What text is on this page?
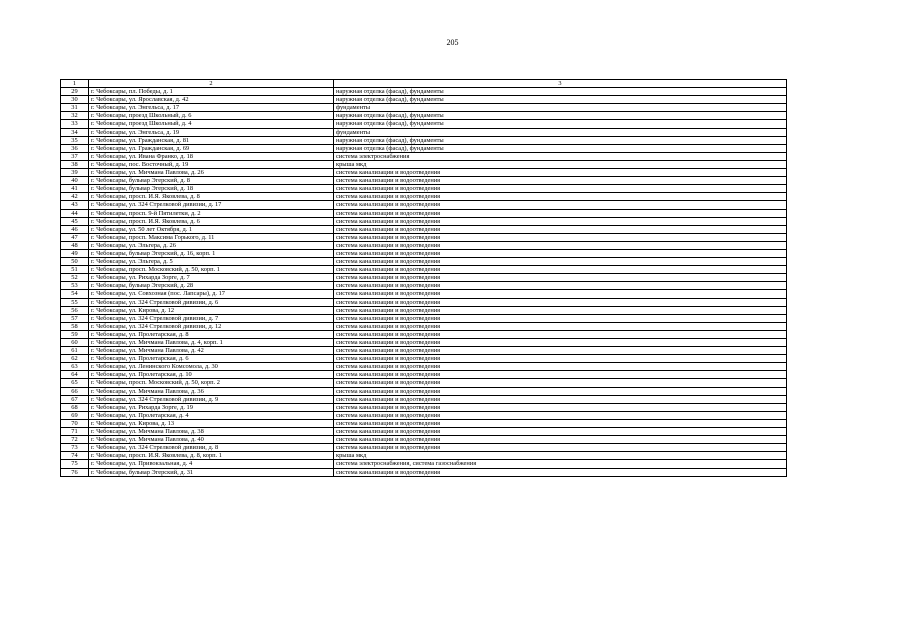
205
1	2	3
29	г. Чебоксары, пл. Победы, д. 1	наружная отделка (фасад), фундаменты
30	г. Чебоксары, ул. Ярославская, д. 42	наружная отделка (фасад), фундаменты
31	г. Чебоксары, ул. Энгельса, д. 17	фундаменты
32	г. Чебоксары, проезд Школьный, д. 6	наружная отделка (фасад), фундаменты
33	г. Чебоксары, проезд Школьный, д. 4	наружная отделка (фасад), фундаменты
34	г. Чебоксары, ул. Энгельса, д. 19	фундаменты
35	г. Чебоксары, ул. Гражданская, д. 81	наружная отделка (фасад), фундаменты
36	г. Чебоксары, ул. Гражданская, д. 69	наружная отделка (фасад), фундаменты
37	г. Чебоксары, ул. Ивана Франко, д. 18	система электроснабжения
38	г. Чебоксары, пос. Восточный, д. 19	крыша мкд
39	г. Чебоксары, ул. Мичмана Павлова, д. 26	система канализации и водоотведения
40	г. Чебоксары, бульвар Эгерский, д. 8	система канализации и водоотведения
41	г. Чебоксары, бульвар Эгерский, д. 18	система канализации и водоотведения
42	г. Чебоксары, просп. И.Я. Яковлева, д. 8	система канализации и водоотведения
43	г. Чебоксары, ул. 324 Стрелковой дивизии, д. 17	система канализации и водоотведения
44	г. Чебоксары, просп. 9-й Пятилетки, д. 2	система канализации и водоотведения
45	г. Чебоксары, просп. И.Я. Яковлева, д. 6	система канализации и водоотведения
46	г. Чебоксары, ул. 50 лет Октября, д. 1	система канализации и водоотведения
47	г. Чебоксары, просп. Максима Горького, д. 11	система канализации и водоотведения
48	г. Чебоксары, ул. Эльгера, д. 26	система канализации и водоотведения
49	г. Чебоксары, бульвар Эгерский, д. 16, корп. 1	система канализации и водоотведения
50	г. Чебоксары, ул. Эльгера, д. 5	система канализации и водоотведения
51	г. Чебоксары, просп. Московский, д. 50, корп. 1	система канализации и водоотведения
52	г. Чебоксары, ул. Рихарда Зорге, д. 7	система канализации и водоотведения
53	г. Чебоксары, бульвар Эгерский, д. 28	система канализации и водоотведения
54	г. Чебоксары, ул. Совхозная (пос. Лапсары), д. 17	система канализации и водоотведения
55	г. Чебоксары, ул. 324 Стрелковой дивизии, д. 6	система канализации и водоотведения
56	г. Чебоксары, ул. Кирова, д. 12	система канализации и водоотведения
57	г. Чебоксары, ул. 324 Стрелковой дивизии, д. 7	система канализации и водоотведения
58	г. Чебоксары, ул. 324 Стрелковой дивизии, д. 12	система канализации и водоотведения
59	г. Чебоксары, ул. Пролетарская, д. 8	система канализации и водоотведения
60	г. Чебоксары, ул. Мичмана Павлова, д. 4, корп. 1	система канализации и водоотведения
61	г. Чебоксары, ул. Мичмана Павлова, д. 42	система канализации и водоотведения
62	г. Чебоксары, ул. Пролетарская, д. 6	система канализации и водоотведения
63	г. Чебоксары, ул. Ленинского Комсомола, д. 30	система канализации и водоотведения
64	г. Чебоксары, ул. Пролетарская, д. 10	система канализации и водоотведения
65	г. Чебоксары, просп. Московский, д. 50, корп. 2	система канализации и водоотведения
66	г. Чебоксары, ул. Мичмана Павлова, д. 36	система канализации и водоотведения
67	г. Чебоксары, ул. 324 Стрелковой дивизии, д. 9	система канализации и водоотведения
68	г. Чебоксары, ул. Рихарда Зорге, д. 19	система канализации и водоотведения
69	г. Чебоксары, ул. Пролетарская, д. 4	система канализации и водоотведения
70	г. Чебоксары, ул. Кирова, д. 13	система канализации и водоотведения
71	г. Чебоксары, ул. Мичмана Павлова, д. 38	система канализации и водоотведения
72	г. Чебоксары, ул. Мичмана Павлова, д. 40	система канализации и водоотведения
73	г. Чебоксары, ул. 324 Стрелковой дивизии, д. 8	система канализации и водоотведения
74	г. Чебоксары, просп. И.Я. Яковлева, д. 8, корп. 1	крыша мкд
75	г. Чебоксары, ул. Привокзальная, д. 4	система электроснабжения, система газоснабжения
76	г. Чебоксары, бульвар Эгерский, д. 31	система канализации и водоотведения
